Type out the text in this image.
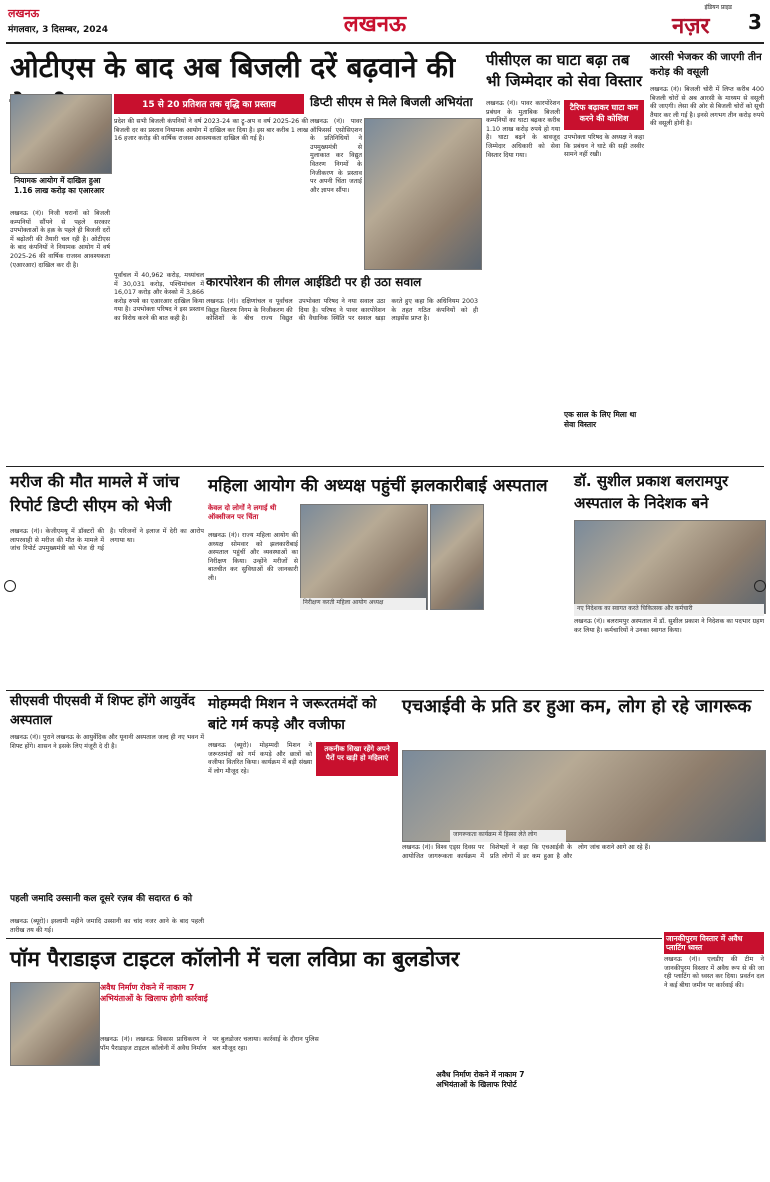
लखनऊ
मंगलवार, 3 दिसम्बर, 2024	लखनऊ
इंडियन प्राइड
नज़र	3
ओटीएस के बाद अब बिजली दरें बढ़वाने की
नियामक आयोग में दाखिल हुआ 1.16 लाख करोड़ का एआरआर
15 से 20 प्रतिशत तक वृद्धि का प्रस्ताव
लखनऊ (नं)। निजी घरानों को बिजली कम्पनियों सौंपने से पहले सरकार उपभोक्ताओं के हक़ के पहले ही बिजली दरों में बढ़ोतरी की तैयारी चल रही है। ओटीएस के बाद कंपनियों ने नियामक आयोग में वर्ष 2025-26 की वार्षिक राजस्व आवश्यकता (एआरआर) दाखिल कर दी है।
प्रदेश की सभी बिजली कंपनियों ने वर्ष 2023-24 का ट्रू-अप व वर्ष 2025-26 की बिजली दर का प्रस्ताव नियामक आयोग में दाखिल कर दिया है। इस बार करीब 1 लाख 16 हजार करोड़ की वार्षिक राजस्व आवश्यकता दाखिल की गई है।
पूर्वांचल में 40,962 करोड़, मध्यांचल में 30,031 करोड़, पश्चिमांचल में 16,017 करोड़ और केस्को में 3,866 करोड़ रुपये का एआरआर दाखिल किया गया है। उपभोक्ता परिषद ने इस प्रस्ताव का विरोध करने की बात कही है।
डिप्टी सीएम से मिले बिजली अभियंता
लखनऊ (नं)। पावर ऑफिसर्स एसोसिएशन के प्रतिनिधियों ने उपमुख्यमंत्री से मुलाकात कर विद्युत वितरण निगमों के निजीकरण के प्रस्ताव पर अपनी चिंता जताई और ज्ञापन सौंपा।
कारपोरेशन की लीगल आईडिटी पर ही उठा सवाल
लखनऊ (नं)। दक्षिणांचल व पूर्वांचल विद्युत वितरण निगम के निजीकरण की कोशिशों के बीच राज्य विद्युत उपभोक्ता परिषद ने नया सवाल उठा दिया है। परिषद ने पावर कारपोरेशन की वैधानिक स्थिति पर सवाल खड़ा करते हुए कहा कि अधिनियम 2003 के तहत गठित कंपनियों को ही लाइसेंस प्राप्त है।
पीसीएल का घाटा बढ़ा तब भी जिम्मेदार को सेवा विस्तार
लखनऊ (नं)। पावर कारपोरेशन प्रबंधन के मुताबिक बिजली कम्पनियों का घाटा बढ़कर करीब 1.10 लाख करोड़ रुपये हो गया है। घाटा बढ़ने के बावजूद जिम्मेदार अधिकारी को सेवा विस्तार दिया गया।
टैरिफ बढ़ाकर घाटा कम करने की कोशिश
एक साल के लिए मिला था सेवा विस्तार
उपभोक्ता परिषद के अध्यक्ष ने कहा कि प्रबंधन ने घाटे की सही तस्वीर सामने नहीं रखी।
आरसी भेजकर की जाएगी तीन करोड़ की वसूली
लखनऊ (नं)। बिजली चोरी में लिप्त करीब 400 बिजली चोरों से अब आरसी के माध्यम से वसूली की जाएगी। लेसा की ओर से बिजली चोरों को सूची तैयार कर ली गई है। इनसे लगभग तीन करोड़ रुपये की वसूली होनी है।
मरीज की मौत मामले में जांच रिपोर्ट डिप्टी सीएम को भेजी
लखनऊ (नं)। केजीएमयू में डॉक्टरों की लापरवाही से मरीज की मौत के मामले में जांच रिपोर्ट उपमुख्यमंत्री को भेज दी गई है। परिजनों ने इलाज में देरी का आरोप लगाया था।
महिला आयोग की अध्यक्ष पहुंचीं झलकारीबाई अस्पताल
केवल दो लोगों ने लगाई थी ऑक्सीजन पर चिंता
निरीक्षण करती महिला आयोग अध्यक्ष
लखनऊ (नं)। राज्य महिला आयोग की अध्यक्ष सोमवार को झलकारीबाई अस्पताल पहुंचीं और व्यवस्थाओं का निरीक्षण किया। उन्होंने मरीजों से बातचीत कर सुविधाओं की जानकारी ली।
डॉ. सुशील प्रकाश बलरामपुर अस्पताल के निदेशक बने
नए निदेशक का स्वागत करते चिकित्सक और कर्मचारी
लखनऊ (नं)। बलरामपुर अस्पताल में डॉ. सुशील प्रकाश ने निदेशक का पदभार ग्रहण कर लिया है। कर्मचारियों ने उनका स्वागत किया।
सीएसवी पीएसवी में शिफ्ट होंगे आयुर्वेद अस्पताल
लखनऊ (नं)। पुराने लखनऊ के आयुर्वेदिक और यूनानी अस्पताल जल्द ही नए भवन में शिफ्ट होंगे। शासन ने इसके लिए मंजूरी दे दी है।
मोहम्मदी मिशन ने जरूरतमंदों को बांटे गर्म कपड़े और वजीफा
लखनऊ (ब्यूरो)। मोहम्मदी मिशन ने जरूरतमंदों को गर्म कपड़े और छात्रों को वजीफा वितरित किया। कार्यक्रम में बड़ी संख्या में लोग मौजूद रहे।
तकनीक सिखा रहेंगे अपने पैरों पर खड़ी हो महिलाएं
एचआईवी के प्रति डर हुआ कम, लोग हो रहे जागरूक
जागरूकता कार्यक्रम में हिस्सा लेते लोग
लखनऊ (नं)। विश्व एड्स दिवस पर आयोजित जागरूकता कार्यक्रम में विशेषज्ञों ने कहा कि एचआईवी के प्रति लोगों में डर कम हुआ है और लोग जांच कराने आगे आ रहे हैं।
जानकीपुरम विस्तार में अवैध प्लाटिंग ध्वस्त
लखनऊ (नं)। एलडीए की टीम ने जानकीपुरम विस्तार में अवैध रूप से की जा रही प्लाटिंग को ध्वस्त कर दिया। प्रवर्तन दल ने कई बीघा जमीन पर कार्रवाई की।
पहली जमादि उस्सानी कल दूसरे रज़ब की सदारत 6 को
लखनऊ (ब्यूरो)। इस्लामी महीने जमादि उस्सानी का चांद नजर आने के बाद पहली तारीख तय की गई।
पॉम पैराडाइज टाइटल कॉलोनी में चला लविप्रा का बुलडोजर
अवैध निर्माण रोकने में नाकाम 7 अभियंताओं के खिलाफ होगी कार्रवाई
लखनऊ (नं)। लखनऊ विकास प्राधिकरण ने पॉम पैराडाइज टाइटल कॉलोनी में अवैध निर्माण पर बुलडोजर चलाया। कार्रवाई के दौरान पुलिस बल मौजूद रहा।
अवैध निर्माण रोकने में नाकाम 7 अभियंताओं के खिलाफ रिपोर्ट
